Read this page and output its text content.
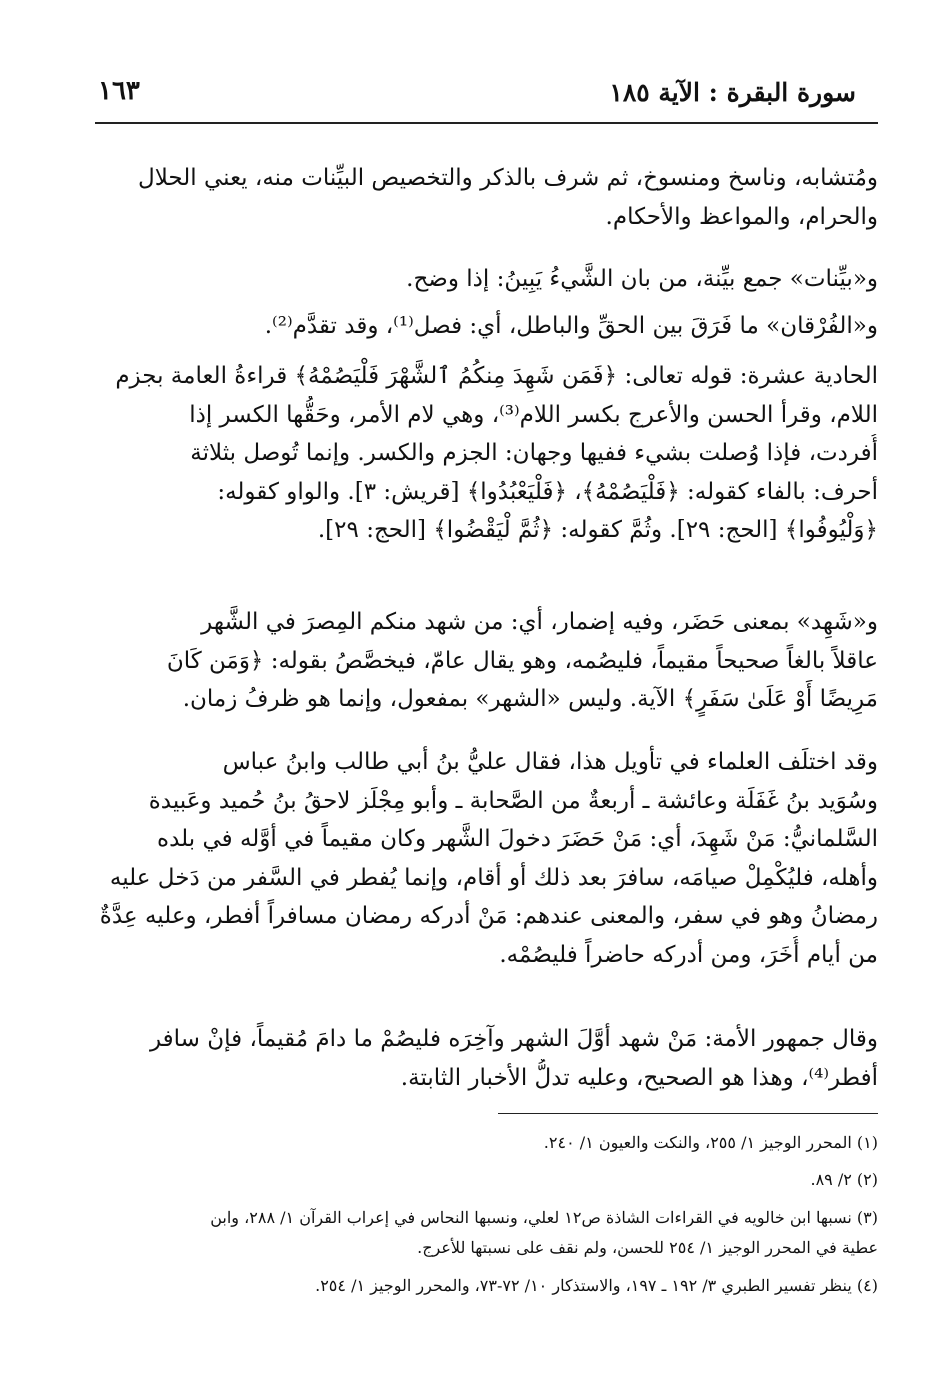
سورة البقرة : الآية ١٨٥
١٦٣
ومُتشابه، وناسخ ومنسوخ، ثم شرف بالذكر والتخصيص البيِّنات منه، يعني الحلال
والحرام، والمواعظ والأحكام.
و«بيِّنات» جمع بيِّنة، من بان الشَّيءُ يَبِينُ: إذا وضح.
و«الفُرْقان» ما فَرَقَ بين الحقِّ والباطل، أي: فصل⁽¹⁾، وقد تقدَّم⁽²⁾.
الحادية عشرة: قوله تعالى: ﴿فَمَن شَهِدَ مِنكُمُ ٱلشَّهْرَ فَلْيَصُمْهُ﴾ قراءةُ العامة بجزم
اللام، وقرأ الحسن والأعرج بكسر اللام⁽³⁾، وهي لام الأمر، وحَقُّها الكسر إذا
أُفردت، فإذا وُصلت بشيء ففيها وجهان: الجزم والكسر. وإنما تُوصل بثلاثة
أحرف: بالفاء كقوله: ﴿فَلْيَصُمْهُ﴾، ﴿فَلْيَعْبُدُوا﴾ [قريش: ٣]. والواو كقوله:
﴿وَلْيُوفُوا﴾ [الحج: ٢٩]. وثُمَّ كقوله: ﴿ثُمَّ لْيَقْضُوا﴾ [الحج: ٢٩].
و«شَهِد» بمعنى حَضَر، وفيه إضمار، أي: من شهد منكم المِصرَ في الشَّهر
عاقلاً بالغاً صحيحاً مقيماً، فليصُمه، وهو يقال عامّ، فيخصَّصُ بقوله: ﴿وَمَن كَانَ
مَرِيضًا أَوْ عَلَىٰ سَفَرٍ﴾ الآية. وليس «الشهر» بمفعول، وإنما هو ظرفُ زمان.
وقد اختلَف العلماء في تأويل هذا، فقال عليُّ بنُ أبي طالب وابنُ عباس
وسُوَيد بنُ غَفَلَة وعائشة ـ أربعةٌ من الصَّحابة ـ وأبو مِجْلَز لاحقُ بنُ حُميد وعَبيدة
السَّلمانيُّ: مَنْ شَهِدَ، أي: مَنْ حَضَرَ دخولَ الشَّهر وكان مقيماً في أوَّله في بلده
وأهله، فليُكْمِلْ صيامَه، سافرَ بعد ذلك أو أقام، وإنما يُفطر في السَّفر من دَخل عليه
رمضانُ وهو في سفر، والمعنى عندهم: مَنْ أدركه رمضان مسافراً أفطر، وعليه عِدَّةٌ
من أيام أُخَرَ، ومن أدركه حاضراً فليصُمْه.
وقال جمهور الأمة: مَنْ شهد أوَّلَ الشهر وآخِرَه فليصُمْ ما دامَ مُقيماً، فإنْ سافر
أفطر⁽⁴⁾، وهذا هو الصحيح، وعليه تدلُّ الأخبار الثابتة.
(١) المحرر الوجيز ١/ ٢٥٥، والنكت والعيون ١/ ٢٤٠.
(٢) ٢/ ٨٩.
(٣) نسبها ابن خالويه في القراءات الشاذة ص١٢ لعلي، ونسبها النحاس في إعراب القرآن ١/ ٢٨٨، وابن
عطية في المحرر الوجيز ١/ ٢٥٤ للحسن، ولم نقف على نسبتها للأعرج.
(٤) ينظر تفسير الطبري ٣/ ١٩٢ ـ ١٩٧، والاستذكار ١٠/ ٧٢-٧٣، والمحرر الوجيز ١/ ٢٥٤.
